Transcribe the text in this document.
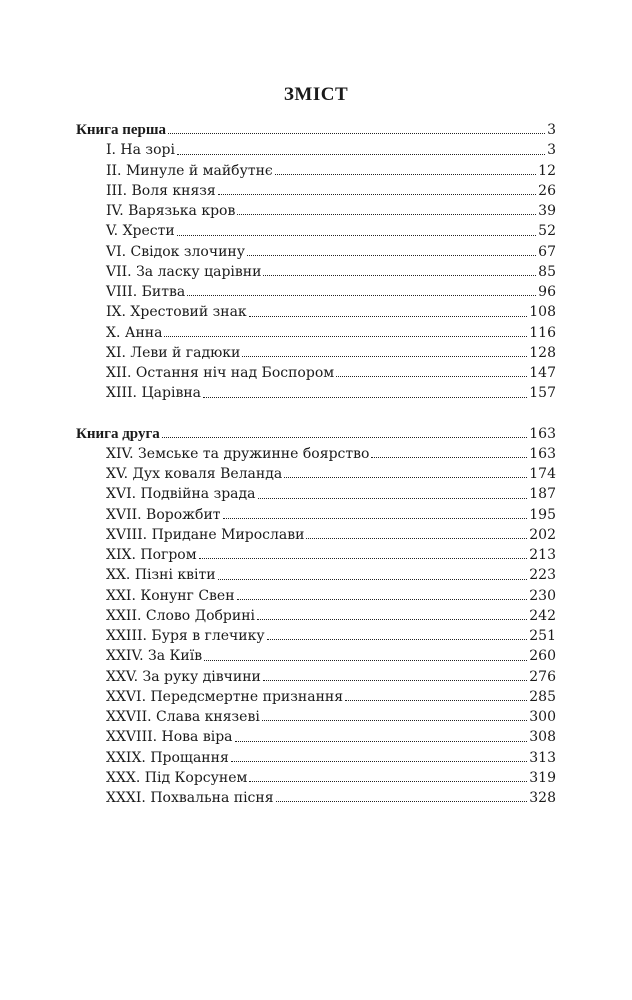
ЗМІСТ
Книга перша	3
I. На зорі	3
II. Минуле й майбутнє	12
III. Воля князя	26
IV. Варязька кров	39
V. Хрести	52
VI. Свідок злочину	67
VII. За ласку царівни	85
VIII. Битва	96
IX. Хрестовий знак	108
X. Анна	116
XI. Леви й гадюки	128
XII. Остання ніч над Боспором	147
XIII. Царівна	157
Книга друга	163
XIV. Земське та дружинне боярство	163
XV. Дух коваля Веланда	174
XVI. Подвійна зрада	187
XVII. Ворожбит	195
XVIII. Придане Мирослави	202
XIX. Погром	213
XX. Пізні квіти	223
XXI. Конунг Свен	230
XXII. Слово Добрині	242
XXIII. Буря в глечику	251
XXIV. За Київ	260
XXV. За руку дівчини	276
XXVI. Передсмертне признання	285
XXVII. Слава князеві	300
XXVIII. Нова віра	308
XXIX. Прощання	313
XXX. Під Корсунем	319
XXXI. Похвальна пісня	328
